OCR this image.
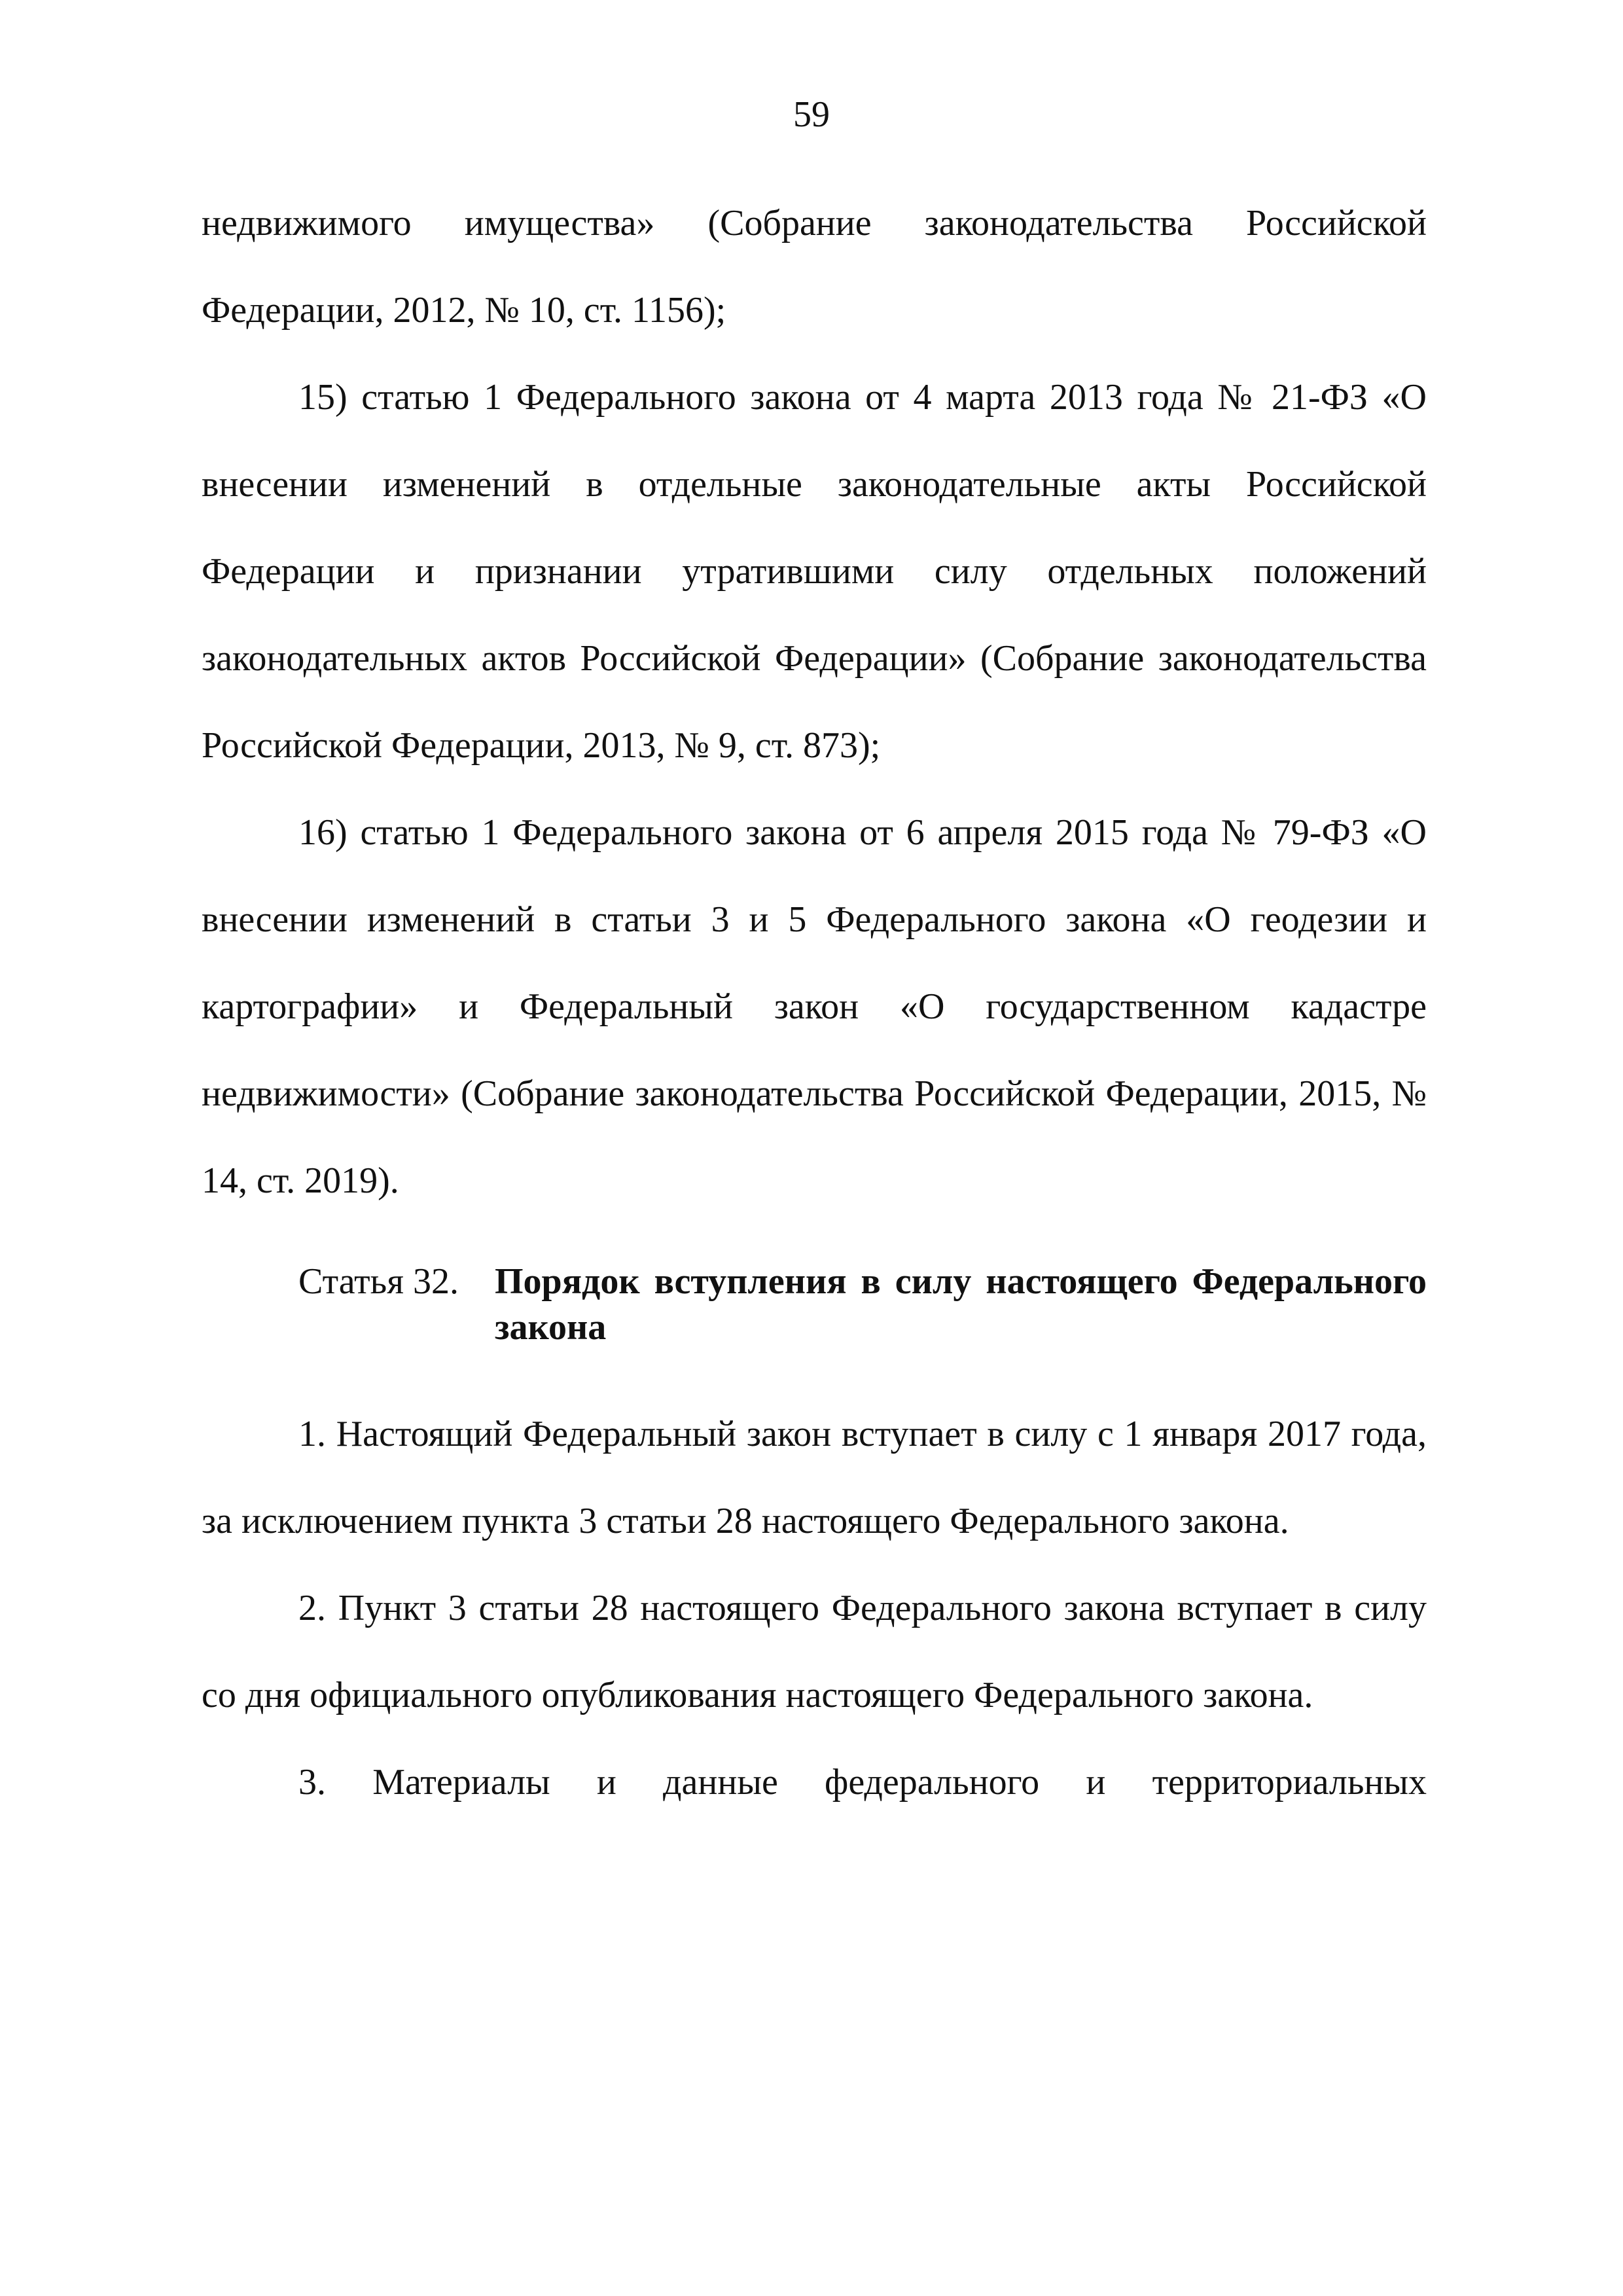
59

недвижимого имущества» (Собрание законодательства Российской Федерации, 2012, № 10, ст. 1156);

15) статью 1 Федерального закона от 4 марта 2013 года № 21-ФЗ «О внесении изменений в отдельные законодательные акты Российской Федерации и признании утратившими силу отдельных положений законодательных актов Российской Федерации» (Собрание законодательства Российской Федерации, 2013, № 9, ст. 873);

16) статью 1 Федерального закона от 6 апреля 2015 года № 79-ФЗ «О внесении изменений в статьи 3 и 5 Федерального закона «О геодезии и картографии» и Федеральный закон «О государственном кадастре недвижимости» (Собрание законодательства Российской Федерации, 2015, № 14, ст. 2019).

Статья 32. Порядок вступления в силу настоящего Федерального закона

1. Настоящий Федеральный закон вступает в силу с 1 января 2017 года, за исключением пункта 3 статьи 28 настоящего Федерального закона.

2. Пункт 3 статьи 28 настоящего Федерального закона вступает в силу со дня официального опубликования настоящего Федерального закона.

3. Материалы и данные федерального и территориальных
